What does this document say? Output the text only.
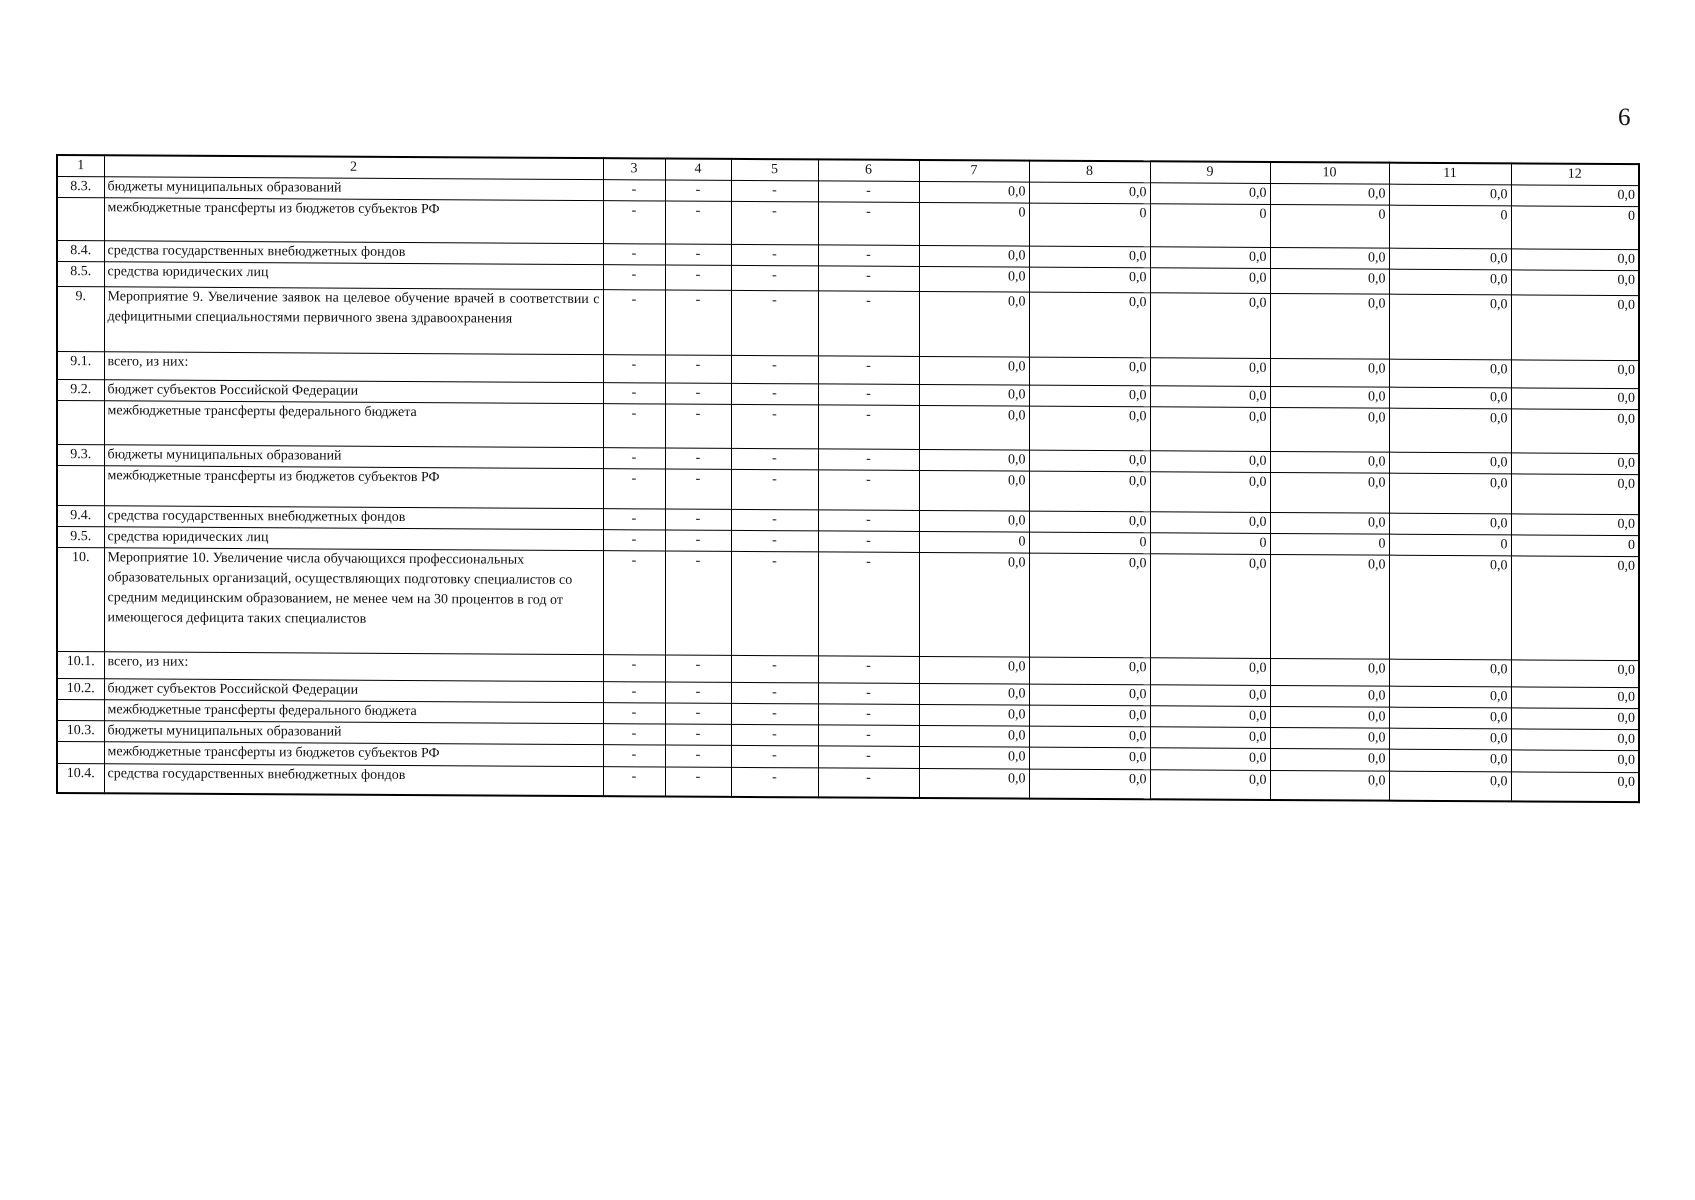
6
1	2	3	4	5	6	7	8	9	10	11	12
8.3.	бюджеты муниципальных образований	-	-	-	-	0,0	0,0	0,0	0,0	0,0	0,0
	межбюджетные трансферты из бюджетов субъектов РФ	-	-	-	-	0	0	0	0	0	0
8.4.	средства государственных внебюджетных фондов	-	-	-	-	0,0	0,0	0,0	0,0	0,0	0,0
8.5.	средства юридических лиц	-	-	-	-	0,0	0,0	0,0	0,0	0,0	0,0
9.	Мероприятие 9. Увеличение заявок на целевое обучение врачей в соответствии с дефицитными специальностями первичного звена здравоохранения	-	-	-	-	0,0	0,0	0,0	0,0	0,0	0,0
9.1.	всего, из них:	-	-	-	-	0,0	0,0	0,0	0,0	0,0	0,0
9.2.	бюджет субъектов Российской Федерации	-	-	-	-	0,0	0,0	0,0	0,0	0,0	0,0
	межбюджетные трансферты федерального бюджета	-	-	-	-	0,0	0,0	0,0	0,0	0,0	0,0
9.3.	бюджеты муниципальных образований	-	-	-	-	0,0	0,0	0,0	0,0	0,0	0,0
	межбюджетные трансферты из бюджетов субъектов РФ	-	-	-	-	0,0	0,0	0,0	0,0	0,0	0,0
9.4.	средства государственных внебюджетных фондов	-	-	-	-	0,0	0,0	0,0	0,0	0,0	0,0
9.5.	средства юридических лиц	-	-	-	-	0	0	0	0	0	0
10.	Мероприятие 10. Увеличение числа обучающихся профессиональных образовательных организаций, осуществляющих подготовку специалистов со средним медицинским образованием, не менее чем на 30 процентов в год от имеющегося дефицита таких специалистов	-	-	-	-	0,0	0,0	0,0	0,0	0,0	0,0
10.1.	всего, из них:	-	-	-	-	0,0	0,0	0,0	0,0	0,0	0,0
10.2.	бюджет субъектов Российской Федерации	-	-	-	-	0,0	0,0	0,0	0,0	0,0	0,0
	межбюджетные трансферты федерального бюджета	-	-	-	-	0,0	0,0	0,0	0,0	0,0	0,0
10.3.	бюджеты муниципальных образований	-	-	-	-	0,0	0,0	0,0	0,0	0,0	0,0
	межбюджетные трансферты из бюджетов субъектов РФ	-	-	-	-	0,0	0,0	0,0	0,0	0,0	0,0
10.4.	средства государственных внебюджетных фондов	-	-	-	-	0,0	0,0	0,0	0,0	0,0	0,0
